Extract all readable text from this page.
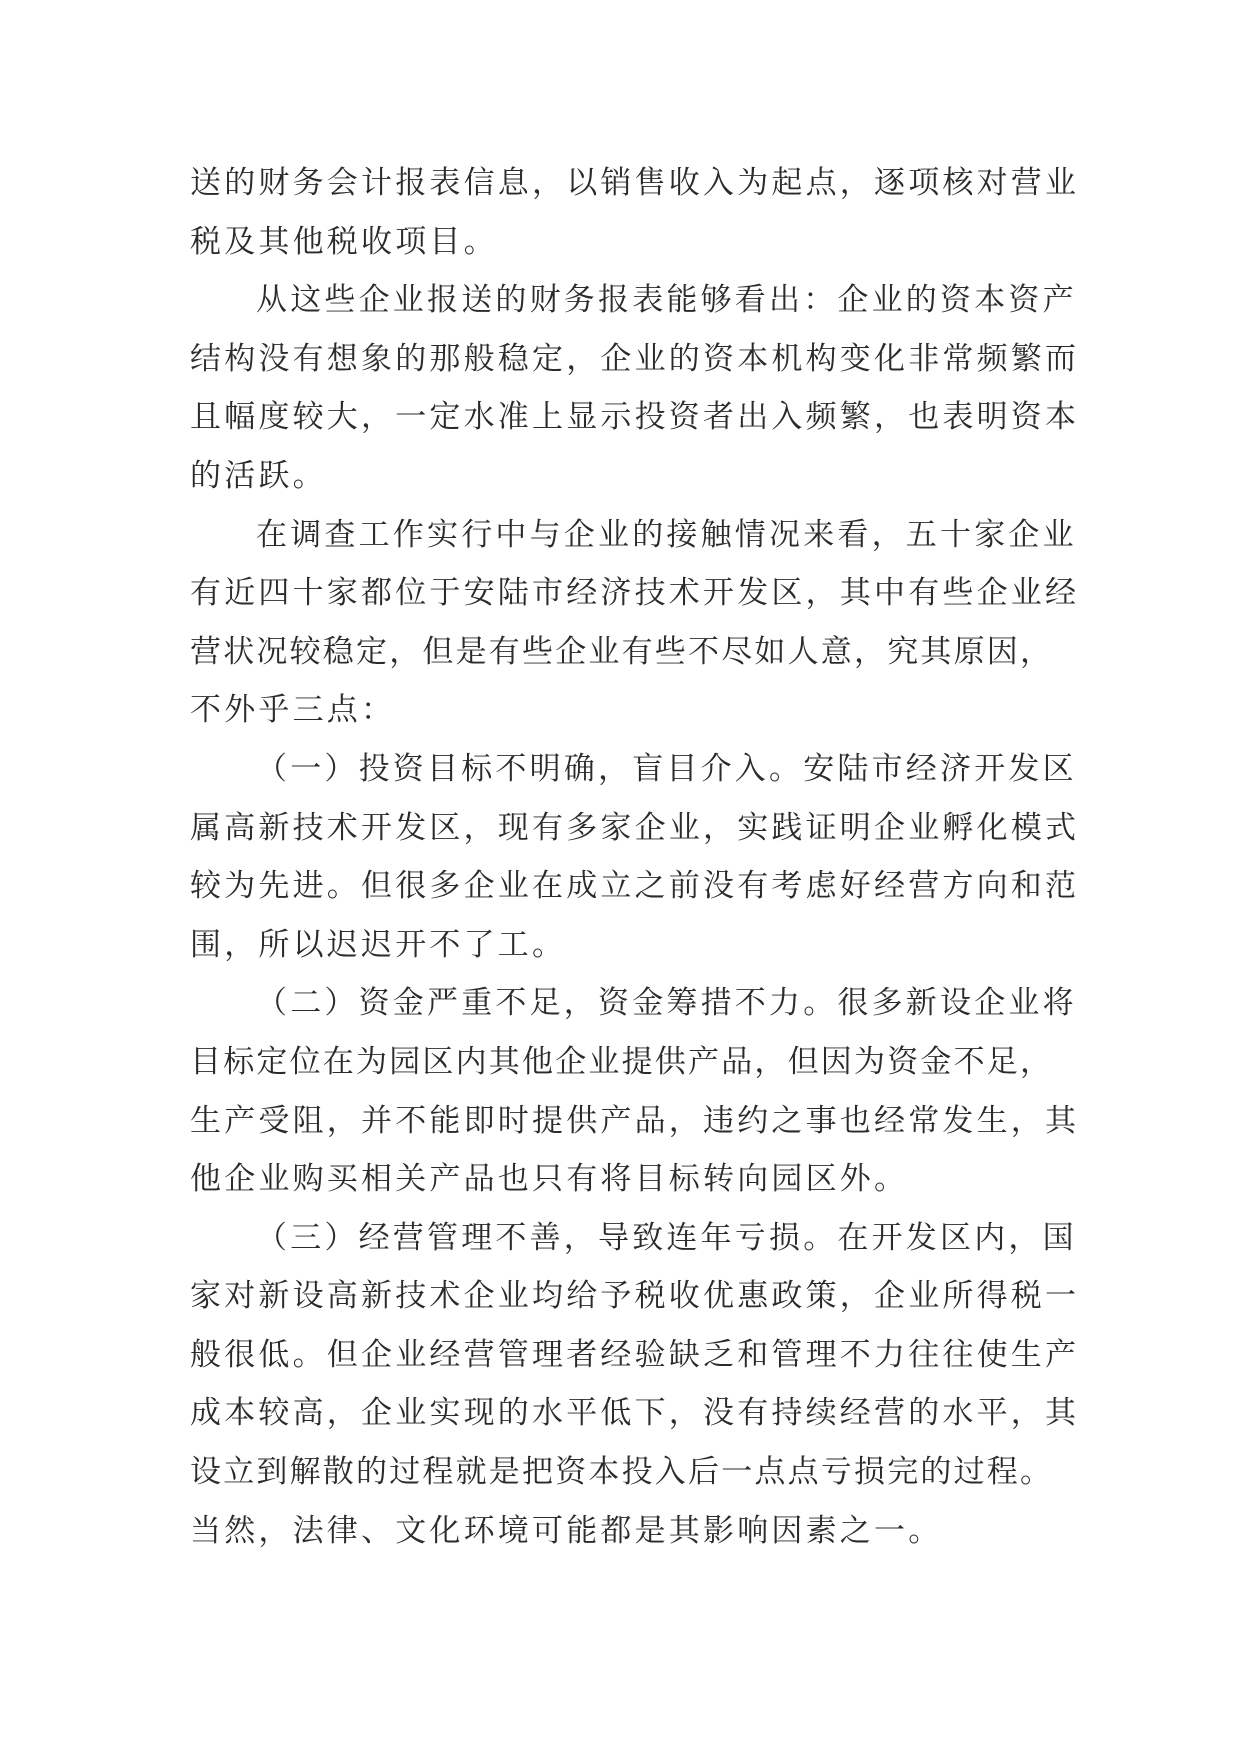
送的财务会计报表信息，以销售收入为起点，逐项核对营业
税及其他税收项目。
从这些企业报送的财务报表能够看出：企业的资本资产
结构没有想象的那般稳定，企业的资本机构变化非常频繁而
且幅度较大，一定水准上显示投资者出入频繁，也表明资本
的活跃。
在调查工作实行中与企业的接触情况来看，五十家企业
有近四十家都位于安陆市经济技术开发区，其中有些企业经
营状况较稳定，但是有些企业有些不尽如人意，究其原因，
不外乎三点：
（一）投资目标不明确，盲目介入。安陆市经济开发区
属高新技术开发区，现有多家企业，实践证明企业孵化模式
较为先进。但很多企业在成立之前没有考虑好经营方向和范
围，所以迟迟开不了工。
（二）资金严重不足，资金筹措不力。很多新设企业将
目标定位在为园区内其他企业提供产品，但因为资金不足，
生产受阻，并不能即时提供产品，违约之事也经常发生，其
他企业购买相关产品也只有将目标转向园区外。
（三）经营管理不善，导致连年亏损。在开发区内，国
家对新设高新技术企业均给予税收优惠政策，企业所得税一
般很低。但企业经营管理者经验缺乏和管理不力往往使生产
成本较高，企业实现的水平低下，没有持续经营的水平，其
设立到解散的过程就是把资本投入后一点点亏损完的过程。
当然，法律、文化环境可能都是其影响因素之一。
